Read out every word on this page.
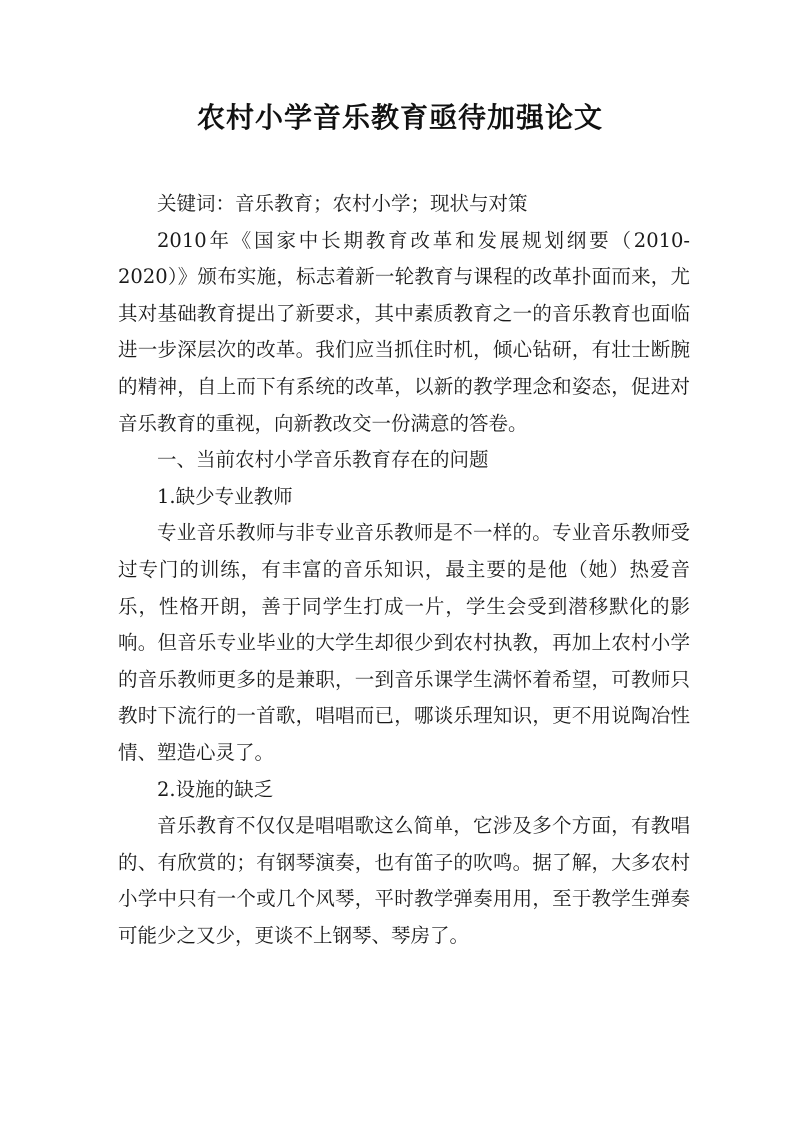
农村小学音乐教育亟待加强论文

关键词：音乐教育；农村小学；现状与对策

2010年《国家中长期教育改革和发展规划纲要（2010-2020）》颁布实施，标志着新一轮教育与课程的改革扑面而来，尤其对基础教育提出了新要求，其中素质教育之一的音乐教育也面临进一步深层次的改革。我们应当抓住时机，倾心钻研，有壮士断腕的精神，自上而下有系统的改革，以新的教学理念和姿态，促进对音乐教育的重视，向新教改交一份满意的答卷。

一、当前农村小学音乐教育存在的问题

1.缺少专业教师

专业音乐教师与非专业音乐教师是不一样的。专业音乐教师受过专门的训练，有丰富的音乐知识，最主要的是他（她）热爱音乐，性格开朗，善于同学生打成一片，学生会受到潜移默化的影响。但音乐专业毕业的大学生却很少到农村执教，再加上农村小学的音乐教师更多的是兼职，一到音乐课学生满怀着希望，可教师只教时下流行的一首歌，唱唱而已，哪谈乐理知识，更不用说陶冶性情、塑造心灵了。

2.设施的缺乏

音乐教育不仅仅是唱唱歌这么简单，它涉及多个方面，有教唱的、有欣赏的；有钢琴演奏，也有笛子的吹鸣。据了解，大多农村小学中只有一个或几个风琴，平时教学弹奏用用，至于教学生弹奏可能少之又少，更谈不上钢琴、琴房了。
